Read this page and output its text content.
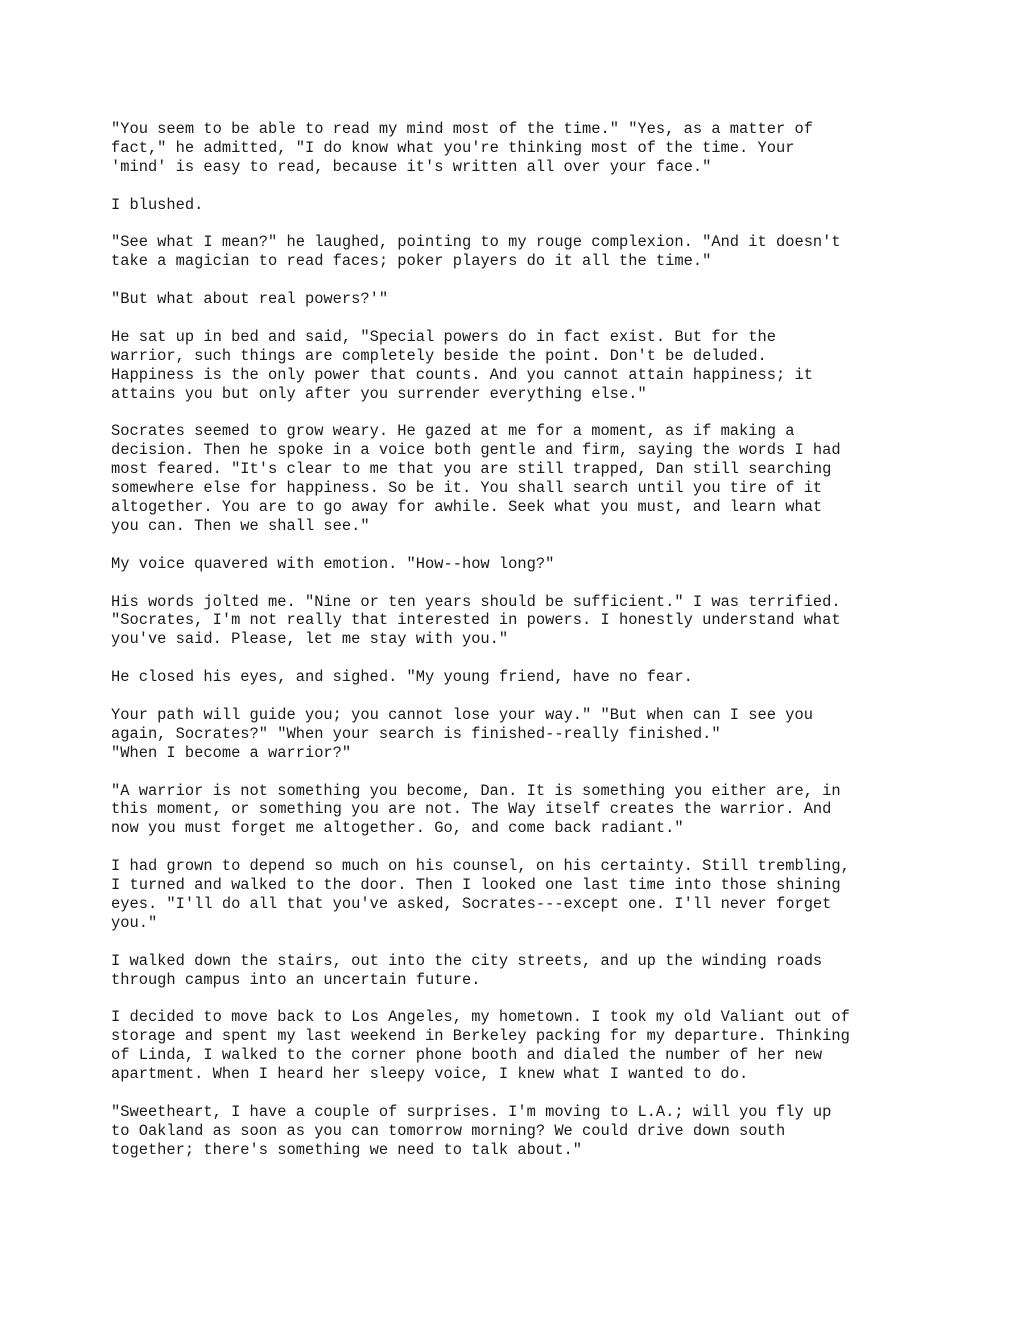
"You seem to be able to read my mind most of the time." "Yes, as a matter of
fact," he admitted, "I do know what you're thinking most of the time. Your
'mind' is easy to read, because it's written all over your face."
I blushed.
"See what I mean?" he laughed, pointing to my rouge complexion. "And it doesn't
take a magician to read faces; poker players do it all the time."
"But what about real powers?'"
He sat up in bed and said, "Special powers do in fact exist. But for the
warrior, such things are completely beside the point. Don't be deluded.
Happiness is the only power that counts. And you cannot attain happiness; it
attains you but only after you surrender everything else."
Socrates seemed to grow weary. He gazed at me for a moment, as if making a
decision. Then he spoke in a voice both gentle and firm, saying the words I had
most feared. "It's clear to me that you are still trapped, Dan still searching
somewhere else for happiness. So be it. You shall search until you tire of it
altogether. You are to go away for awhile. Seek what you must, and learn what
you can. Then we shall see."
My voice quavered with emotion. "How--how long?"
His words jolted me. "Nine or ten years should be sufficient." I was terrified.
"Socrates, I'm not really that interested in powers. I honestly understand what
you've said. Please, let me stay with you."
He closed his eyes, and sighed. "My young friend, have no fear.
Your path will guide you; you cannot lose your way." "But when can I see you
again, Socrates?" "When your search is finished--really finished."
"When I become a warrior?"
"A warrior is not something you become, Dan. It is something you either are, in
this moment, or something you are not. The Way itself creates the warrior. And
now you must forget me altogether. Go, and come back radiant."
I had grown to depend so much on his counsel, on his certainty. Still trembling,
I turned and walked to the door. Then I looked one last time into those shining
eyes. "I'll do all that you've asked, Socrates---except one. I'll never forget
you."
I walked down the stairs, out into the city streets, and up the winding roads
through campus into an uncertain future.
I decided to move back to Los Angeles, my hometown. I took my old Valiant out of
storage and spent my last weekend in Berkeley packing for my departure. Thinking
of Linda, I walked to the corner phone booth and dialed the number of her new
apartment. When I heard her sleepy voice, I knew what I wanted to do.
"Sweetheart, I have a couple of surprises. I'm moving to L.A.; will you fly up
to Oakland as soon as you can tomorrow morning? We could drive down south
together; there's something we need to talk about."
